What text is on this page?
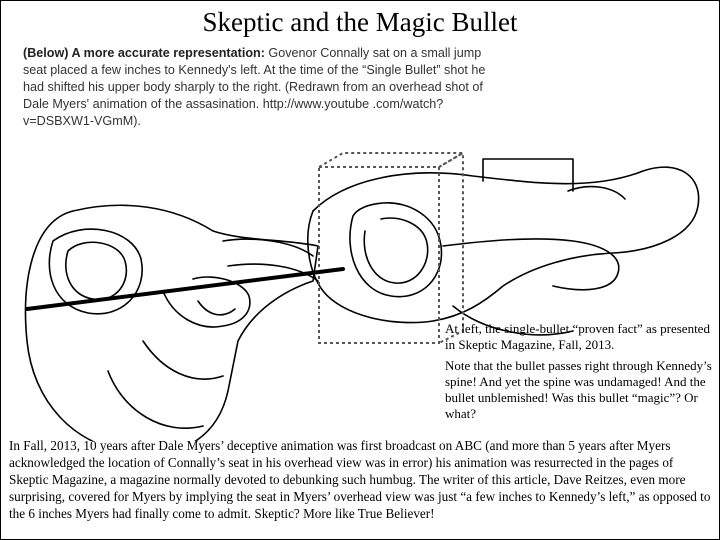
Skeptic and the Magic Bullet
(Below) A more accurate representation: Govenor Connally sat on a small jump seat placed a few inches to Kennedy's left. At the time of the “Single Bullet” shot he had shifted his upper body sharply to the right. (Redrawn from an overhead shot of Dale Myers' animation of the assasination. http://www.youtube .com/watch?v=DSBXW1-VGmM).

At left, the single-bullet “proven fact” as presented in Skeptic Magazine, Fall, 2013.

Note that the bullet passes right through Kennedy’s spine! And yet the spine was undamaged! And the bullet unblemished! Was this bullet “magic”? Or what?

In Fall, 2013, 10 years after Dale Myers’ deceptive animation was first broadcast on ABC (and more than 5 years after Myers acknowledged the location of Connally’s seat in his overhead view was in error) his animation was resurrected in the pages of Skeptic Magazine, a magazine normally devoted to debunking such humbug. The writer of this article, Dave Reitzes, even more surprising, covered for Myers by implying the seat in Myers’ overhead view was just “a few inches to Kennedy’s left,” as opposed to the 6 inches Myers had finally come to admit. Skeptic? More like True Believer!
